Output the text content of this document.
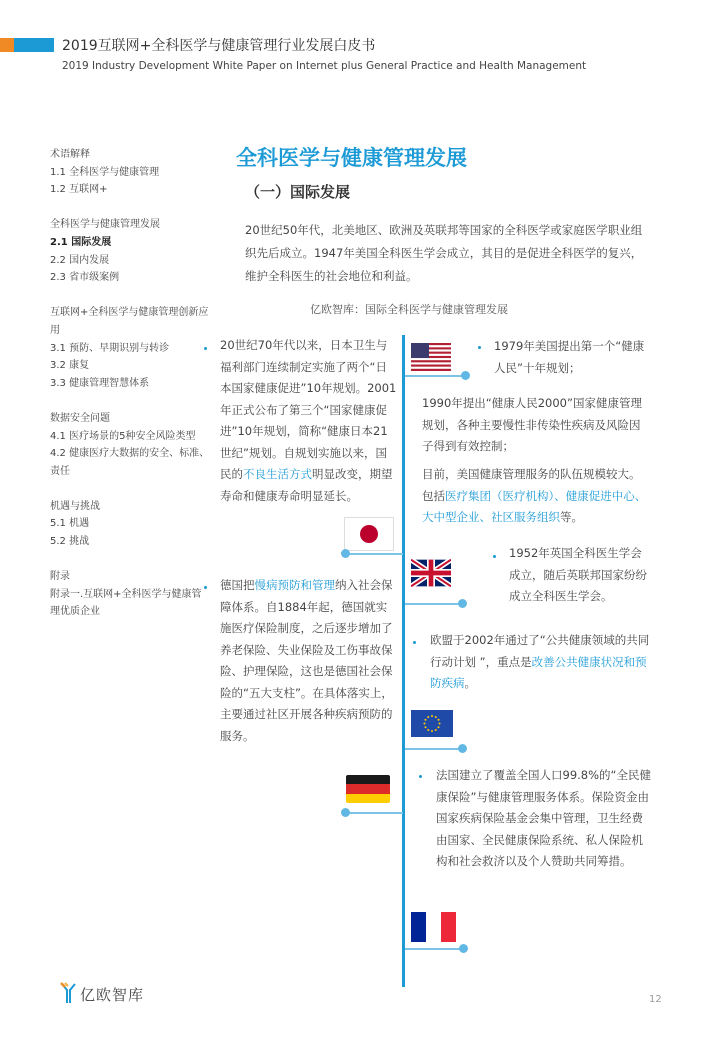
2019互联网+全科医学与健康管理行业发展白皮书
2019 Industry Development White Paper on Internet plus General Practice and Health Management
术语解释
1.1 全科医学与健康管理
1.2 互联网+
全科医学与健康管理发展
2.1 国际发展
2.2 国内发展
2.3 省市级案例
互联网+全科医学与健康管理创新应用
3.1 预防、早期识别与转诊
3.2 康复
3.3 健康管理智慧体系
数据安全问题
4.1 医疗场景的5种安全风险类型
4.2 健康医疗大数据的安全、标准、责任
机遇与挑战
5.1 机遇
5.2 挑战
附录
附录一.互联网+全科医学与健康管理优质企业
全科医学与健康管理发展
（一）国际发展
20世纪50年代，北美地区、欧洲及英联邦等国家的全科医学或家庭医学职业组织先后成立。1947年美国全科医生学会成立，其目的是促进全科医学的复兴，维护全科医生的社会地位和利益。
亿欧智库：国际全科医学与健康管理发展
20世纪70年代以来，日本卫生与福利部门连续制定实施了两个“日本国家健康促进”10年规划。2001年正式公布了第三个“国家健康促进”10年规划，简称“健康日本21世纪”规划。自规划实施以来，国民的不良生活方式明显改变，期望寿命和健康寿命明显延长。
1979年美国提出第一个“健康人民”十年规划；
1990年提出“健康人民2000”国家健康管理规划，各种主要慢性非传染性疾病及风险因子得到有效控制；
目前，美国健康管理服务的队伍规模较大。包括医疗集团（医疗机构）、健康促进中心、大中型企业、社区服务组织等。
1952年英国全科医生学会成立，随后英联邦国家纷纷成立全科医生学会。
德国把慢病预防和管理纳入社会保障体系。自1884年起，德国就实施医疗保险制度，之后逐步增加了养老保险、失业保险及工伤事故保险、护理保险，这也是德国社会保险的“五大支柱”。在具体落实上，主要通过社区开展各种疾病预防的服务。
欧盟于2002年通过了“公共健康领域的共同行动计划 ”，重点是改善公共健康状况和预防疾病。
法国建立了覆盖全国人口99.8%的“全民健康保险”与健康管理服务体系。保险资金由国家疾病保险基金会集中管理，卫生经费由国家、全民健康保险系统、私人保险机构和社会救济以及个人赞助共同筹措。
亿欧智库	12
